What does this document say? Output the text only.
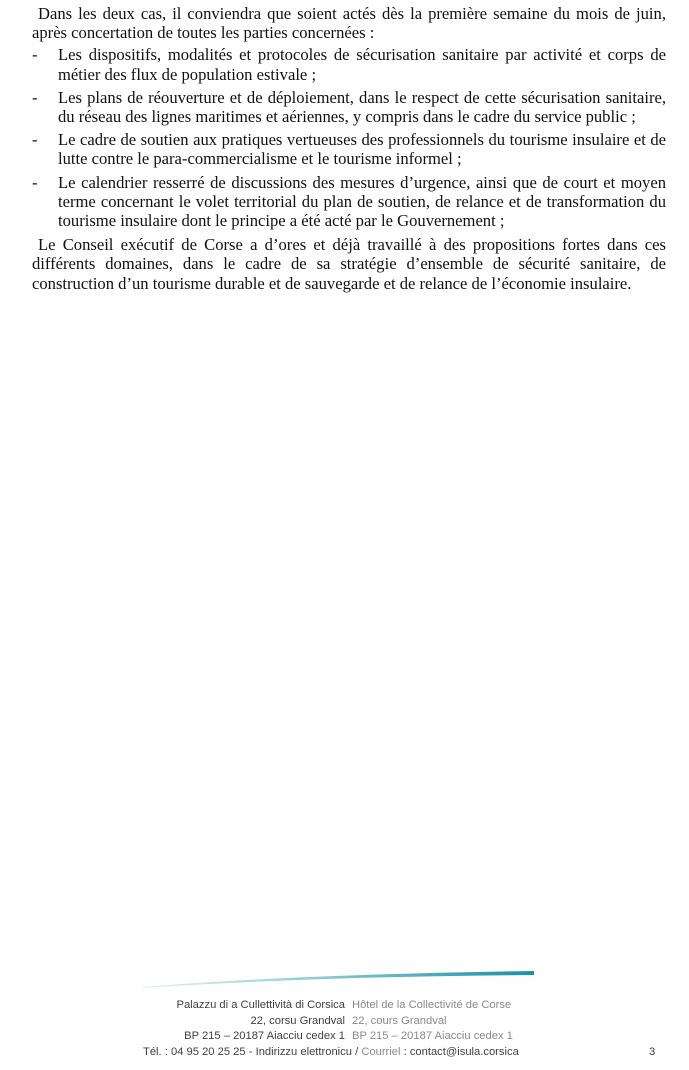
Dans les deux cas, il conviendra que soient actés dès la première semaine du mois de juin, après concertation de toutes les parties concernées :

- Les dispositifs, modalités et protocoles de sécurisation sanitaire par activité et corps de métier des flux de population estivale ;
- Les plans de réouverture et de déploiement, dans le respect de cette sécurisation sanitaire, du réseau des lignes maritimes et aériennes, y compris dans le cadre du service public ;
- Le cadre de soutien aux pratiques vertueuses des professionnels du tourisme insulaire et de lutte contre le para-commercialisme et le tourisme informel ;
- Le calendrier resserré de discussions des mesures d’urgence, ainsi que de court et moyen terme concernant le volet territorial du plan de soutien, de relance et de transformation du tourisme insulaire dont le principe a été acté par le Gouvernement ;

Le Conseil exécutif de Corse a d’ores et déjà travaillé à des propositions fortes dans ces différents domaines, dans le cadre de sa stratégie d’ensemble de sécurité sanitaire, de construction d’un tourisme durable et de sauvegarde et de relance de l’économie insulaire.

Palazzu di a Cullettività di Corsica
22, corsu Grandval
BP 215 – 20187 Aiacciu cedex 1
Hôtel de la Collectivité de Corse
22, cours Grandval
BP 215 – 20187 Aiacciu cedex 1
Tél. : 04 95 20 25 25 - Indirizzu elettronicu / Courriel : contact@isula.corsica	3
